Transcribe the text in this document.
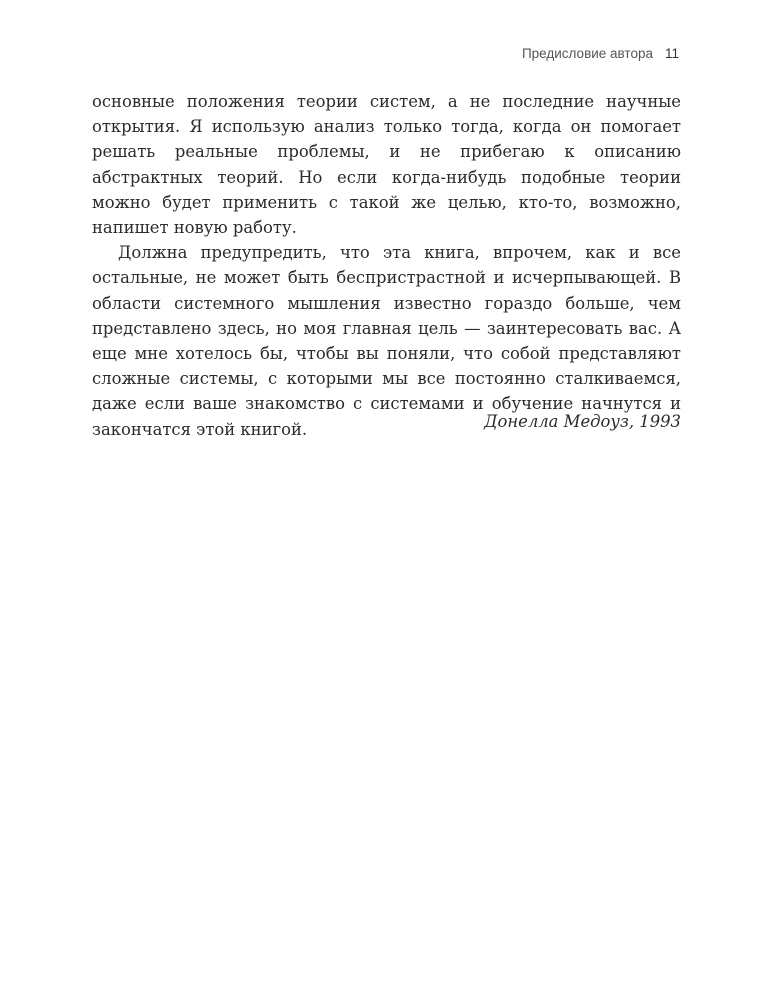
Предисловие автора 11

основные положения теории систем, а не последние научные открытия. Я использую анализ только тогда, когда он помогает решать реальные проблемы, и не прибегаю к описанию абстрактных теорий. Но если когда-нибудь подобные теории можно будет применить с такой же целью, кто-то, возможно, напишет новую работу.

Должна предупредить, что эта книга, впрочем, как и все остальные, не может быть беспристрастной и исчерпывающей. В области системного мышления известно гораздо больше, чем представлено здесь, но моя главная цель — заинтересовать вас. А еще мне хотелось бы, чтобы вы поняли, что собой представляют сложные системы, с которыми мы все постоянно сталкиваемся, даже если ваше знакомство с системами и обучение начнутся и закончатся этой книгой.	Донелла Медоуз, 1993
